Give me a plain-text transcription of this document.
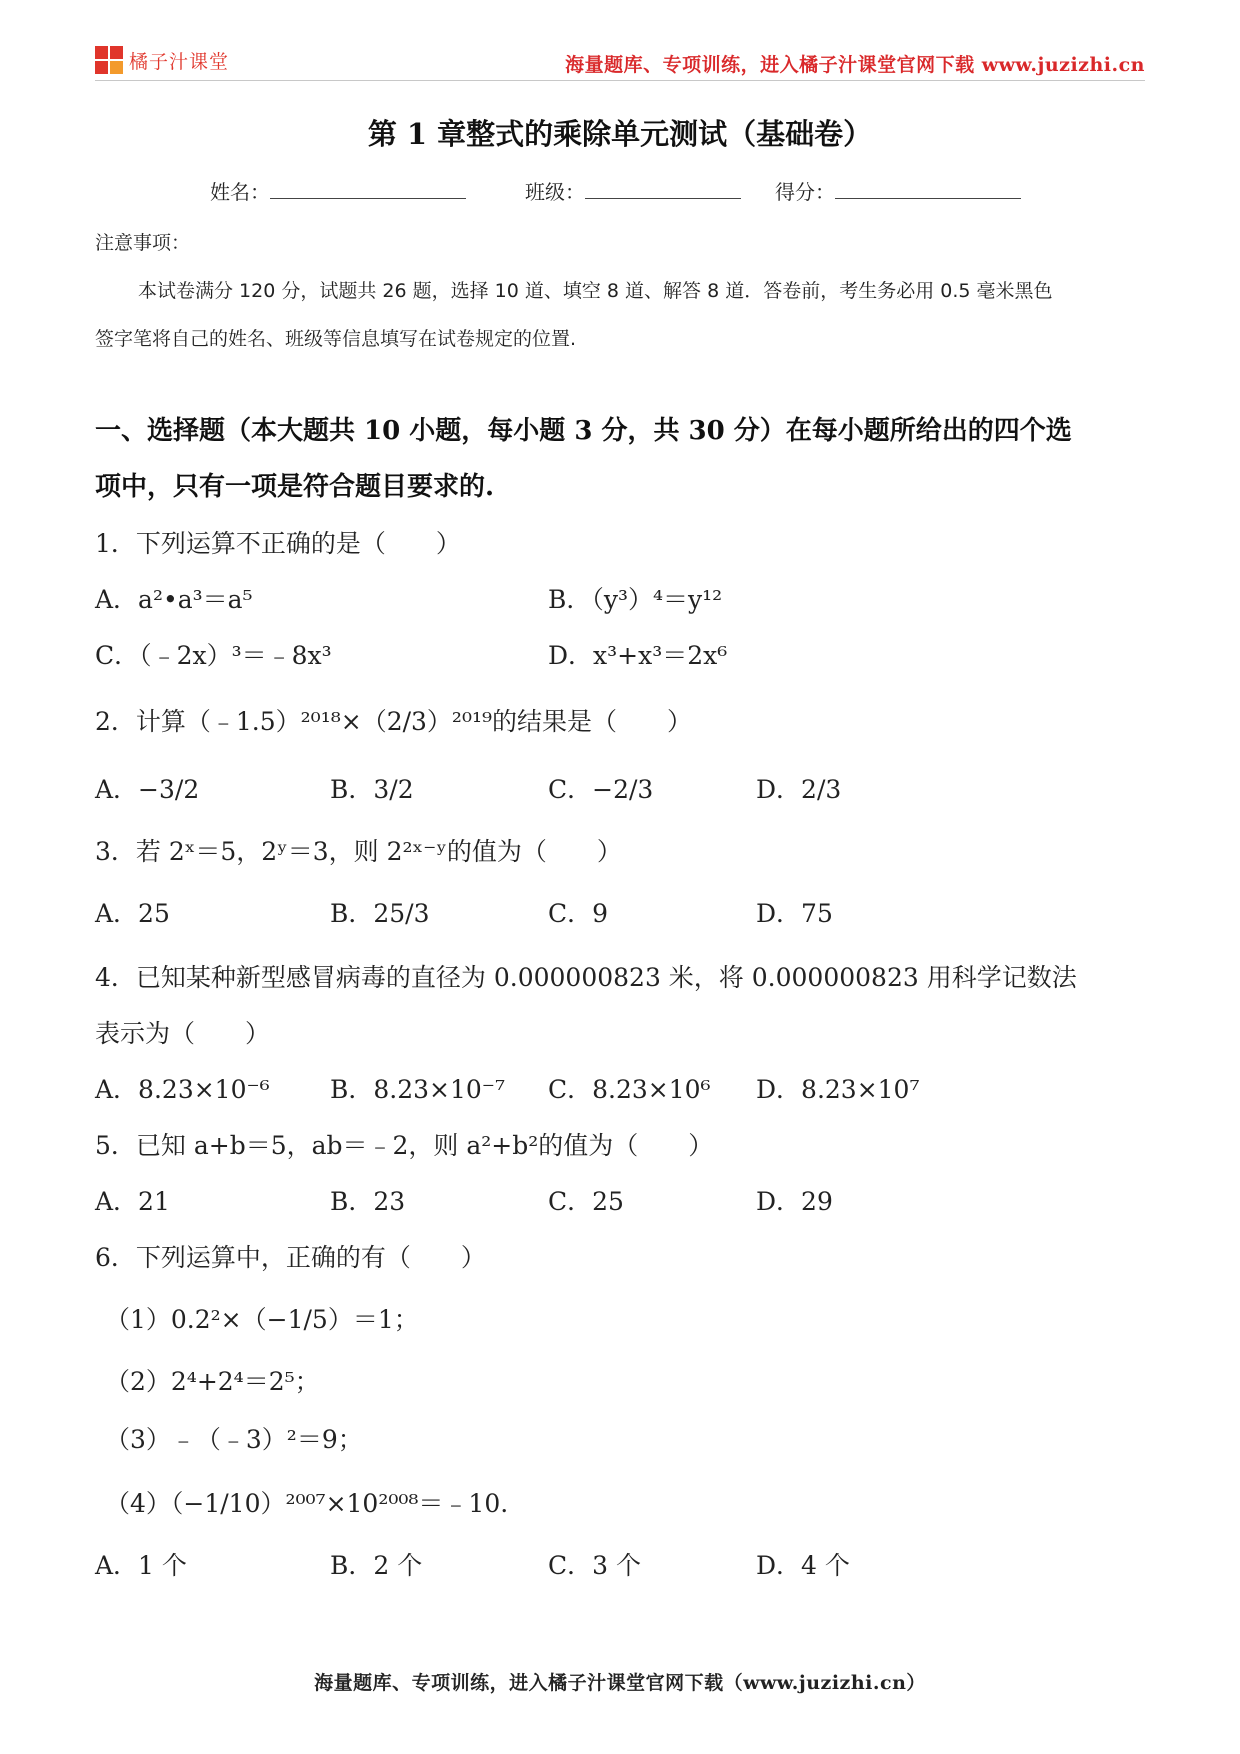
橘子汁课堂	海量题库、专项训练，进入橘子汁课堂官网下载 www.juzizhi.cn
第 1 章整式的乘除单元测试（基础卷）
姓名：	班级：	得分：
注意事项：
本试卷满分 120 分，试题共 26 题，选择 10 道、填空 8 道、解答 8 道．答卷前，考生务必用 0.5 毫米黑色
签字笔将自己的姓名、班级等信息填写在试卷规定的位置.
一、选择题（本大题共 10 小题，每小题 3 分，共 30 分）在每小题所给出的四个选
项中，只有一项是符合题目要求的.
1．下列运算不正确的是（　　）
A．a²•a³＝a⁵	B．（y³）⁴＝y¹²
C．（﹣2x）³＝﹣8x³	D．x³+x³＝2x⁶
2．计算（﹣1.5）²⁰¹⁸×（2/3）²⁰¹⁹的结果是（　　）
A．−3/2	B．3/2	C．−2/3	D．2/3
3．若 2ˣ＝5，2ʸ＝3，则 2²ˣ⁻ʸ的值为（　　）
A．25	B．25/3	C．9	D．75
4．已知某种新型感冒病毒的直径为 0.000000823 米，将 0.000000823 用科学记数法
表示为（　　）
A．8.23×10⁻⁶ B．8.23×10⁻⁷ C．8.23×10⁶ D．8.23×10⁷
5．已知 a+b＝5，ab＝﹣2，则 a²+b²的值为（　　）
A．21	B．23	C．25	D．29
6．下列运算中，正确的有（　　）
（1）0.2²×（−1/5）＝1；
（2）2⁴+2⁴＝2⁵；
（3）﹣（﹣3）²＝9；
（4）（−1/10）²⁰⁰⁷×10²⁰⁰⁸＝﹣10.
A．1 个	B．2 个	C．3 个	D．4 个
海量题库、专项训练，进入橘子汁课堂官网下载（www.juzizhi.cn）
